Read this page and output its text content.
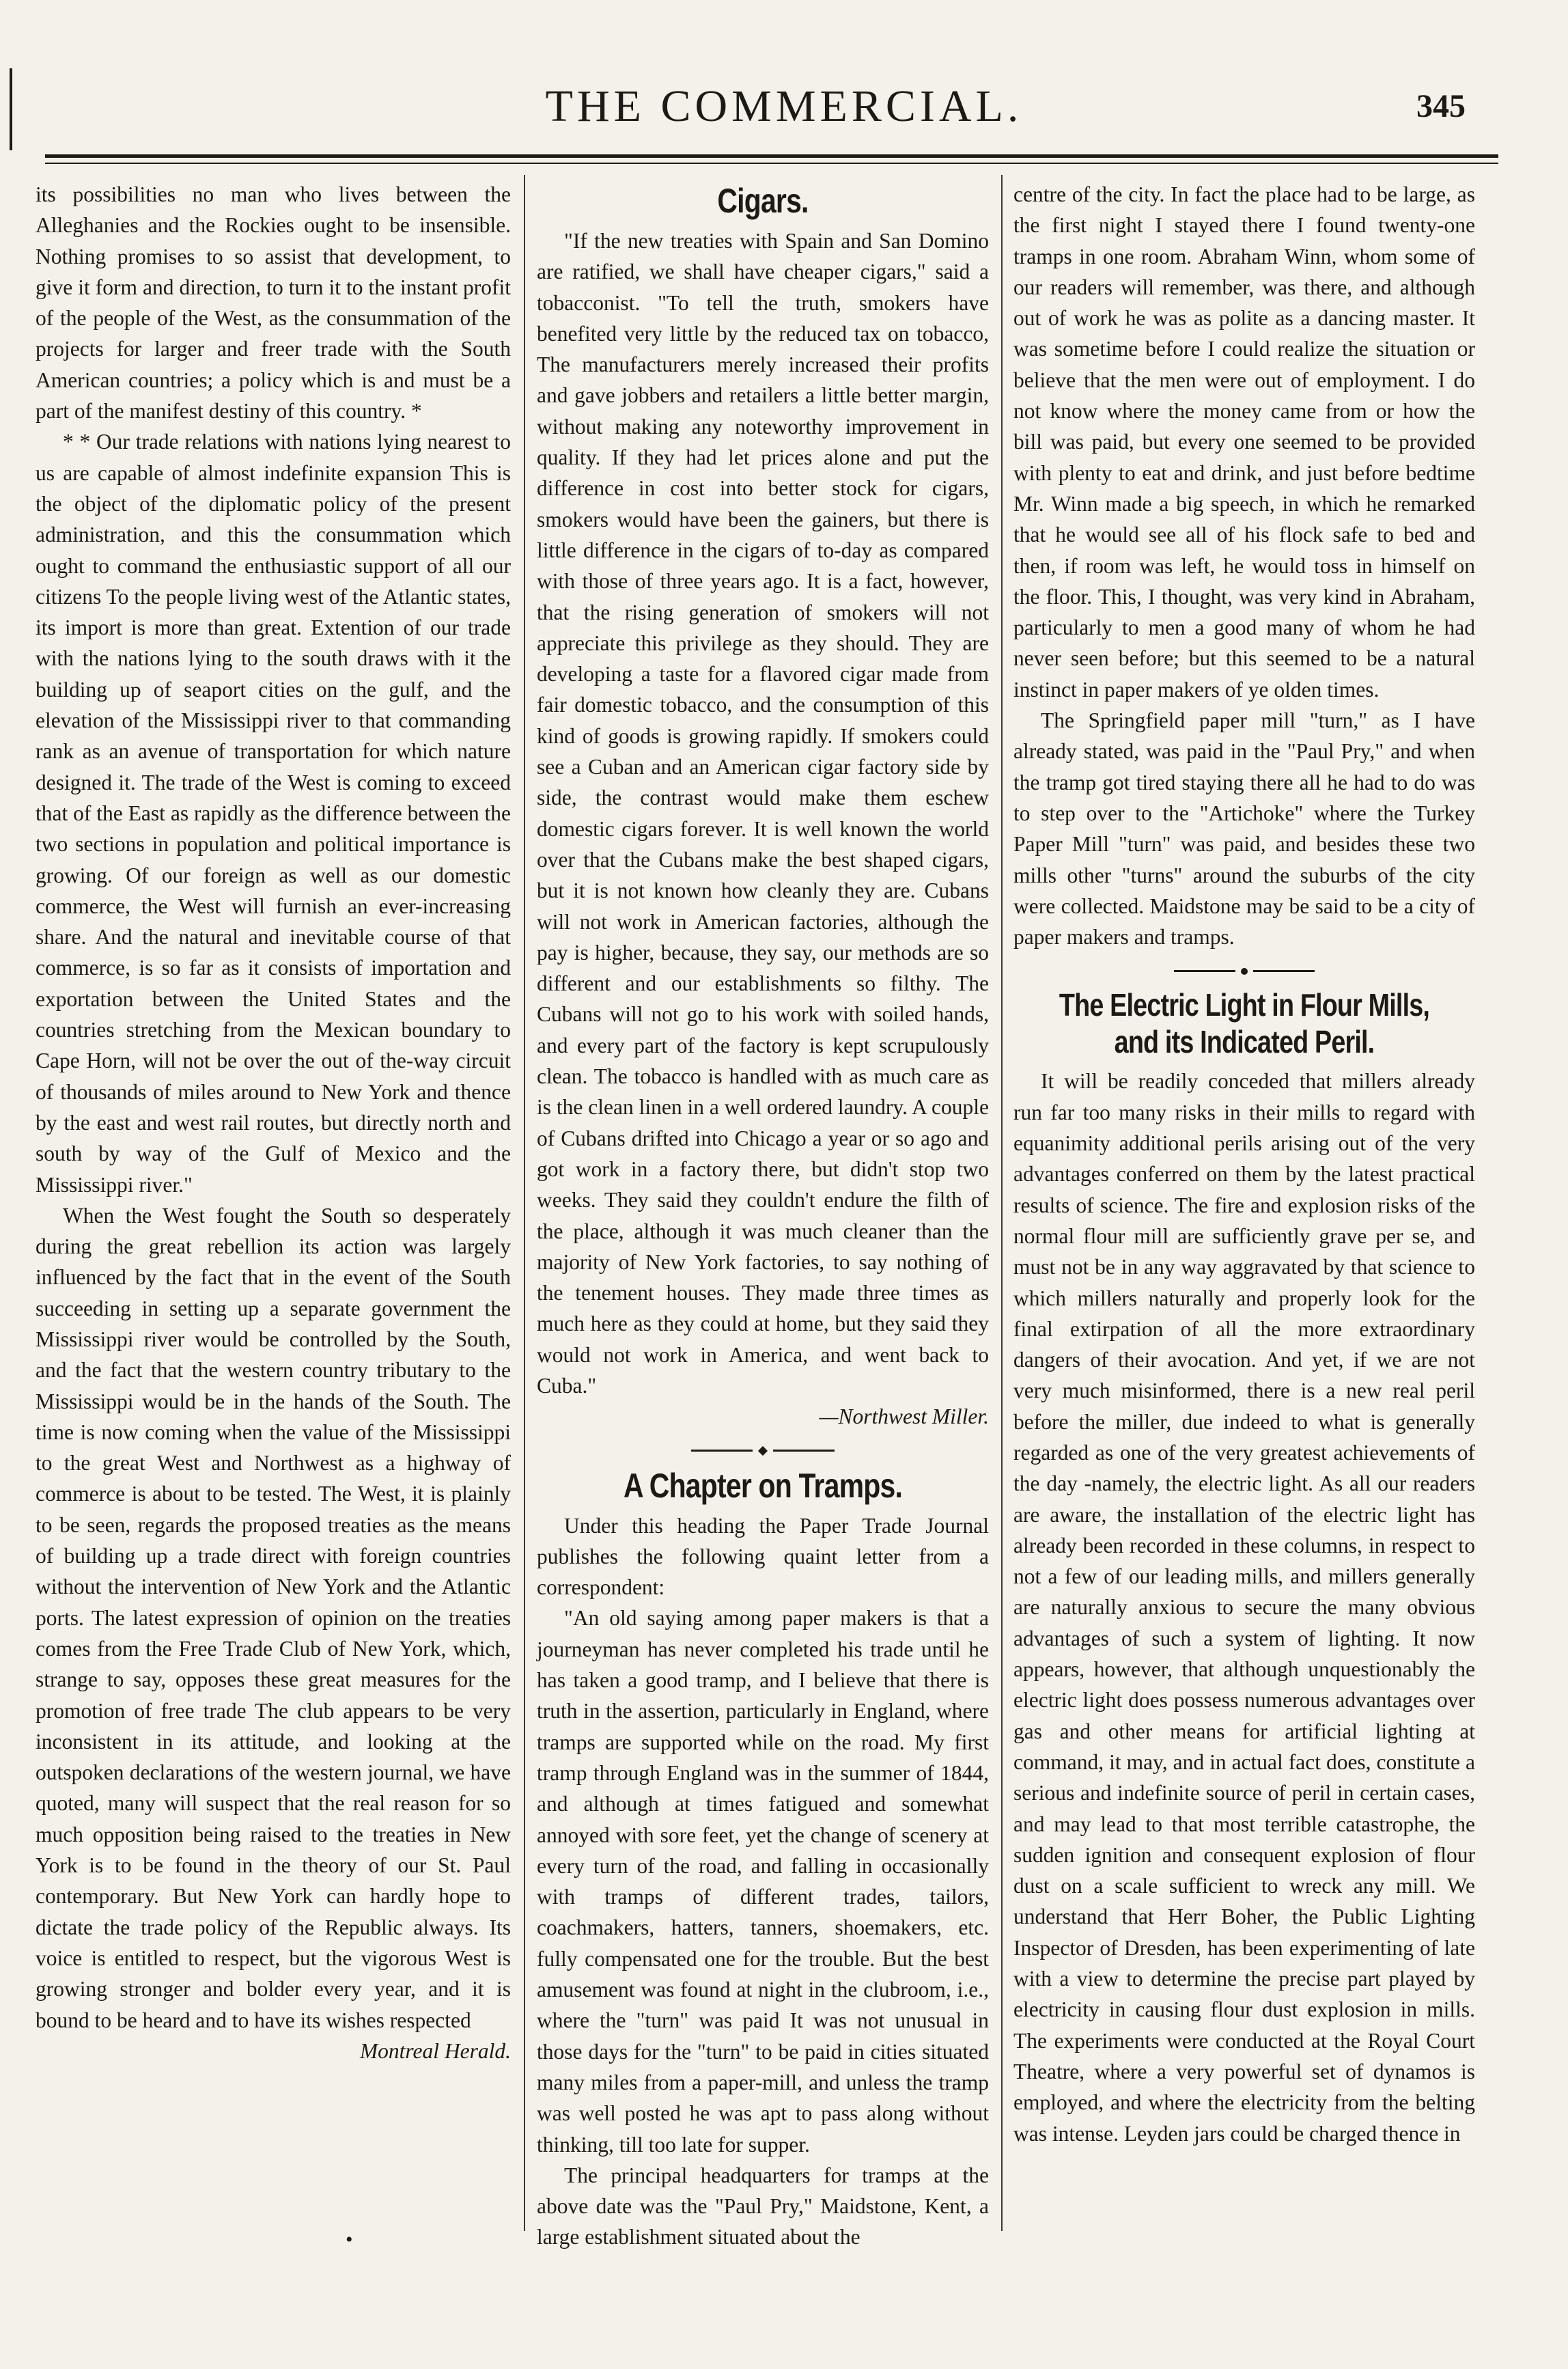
THE COMMERCIAL.	345

its possibilities no man who lives between the Alleghanies and the Rockies ought to be insensible. Nothing promises to so assist that development, to give it form and direction, to turn it to the instant profit of the people of the West, as the consummation of the projects for larger and freer trade with the South American countries; a policy which is and must be a part of the manifest destiny of this country. *

* * Our trade relations with nations lying nearest to us are capable of almost indefinite expansion This is the object of the diplomatic policy of the present administration, and this the consummation which ought to command the enthusiastic support of all our citizens To the people living west of the Atlantic states, its import is more than great. Extention of our trade with the nations lying to the south draws with it the building up of seaport cities on the gulf, and the elevation of the Mississippi river to that commanding rank as an avenue of transportation for which nature designed it. The trade of the West is coming to exceed that of the East as rapidly as the difference between the two sections in population and political importance is growing. Of our foreign as well as our domestic commerce, the West will furnish an ever-increasing share. And the natural and inevitable course of that commerce, is so far as it consists of importation and exportation between the United States and the countries stretching from the Mexican boundary to Cape Horn, will not be over the out of the-way circuit of thousands of miles around to New York and thence by the east and west rail routes, but directly north and south by way of the Gulf of Mexico and the Mississippi river."

When the West fought the South so desperately during the great rebellion its action was largely influenced by the fact that in the event of the South succeeding in setting up a separate government the Mississippi river would be controlled by the South, and the fact that the western country tributary to the Mississippi would be in the hands of the South. The time is now coming when the value of the Mississippi to the great West and Northwest as a highway of commerce is about to be tested. The West, it is plainly to be seen, regards the proposed treaties as the means of building up a trade direct with foreign countries without the intervention of New York and the Atlantic ports. The latest expression of opinion on the treaties comes from the Free Trade Club of New York, which, strange to say, opposes these great measures for the promotion of free trade The club appears to be very inconsistent in its attitude, and looking at the outspoken declarations of the western journal, we have quoted, many will suspect that the real reason for so much opposition being raised to the treaties in New York is to be found in the theory of our St. Paul contemporary. But New York can hardly hope to dictate the trade policy of the Republic always. Its voice is entitled to respect, but the vigorous West is growing stronger and bolder every year, and it is bound to be heard and to have its wishes respected

Montreal Herald.

Cigars.

"If the new treaties with Spain and San Domino are ratified, we shall have cheaper cigars," said a tobacconist. "To tell the truth, smokers have benefited very little by the reduced tax on tobacco, The manufacturers merely increased their profits and gave jobbers and retailers a little better margin, without making any noteworthy improvement in quality. If they had let prices alone and put the difference in cost into better stock for cigars, smokers would have been the gainers, but there is little difference in the cigars of to-day as compared with those of three years ago. It is a fact, however, that the rising generation of smokers will not appreciate this privilege as they should. They are developing a taste for a flavored cigar made from fair domestic tobacco, and the consumption of this kind of goods is growing rapidly. If smokers could see a Cuban and an American cigar factory side by side, the contrast would make them eschew domestic cigars forever. It is well known the world over that the Cubans make the best shaped cigars, but it is not known how cleanly they are. Cubans will not work in American factories, although the pay is higher, because, they say, our methods are so different and our establishments so filthy. The Cubans will not go to his work with soiled hands, and every part of the factory is kept scrupulously clean. The tobacco is handled with as much care as is the clean linen in a well ordered laundry. A couple of Cubans drifted into Chicago a year or so ago and got work in a factory there, but didn't stop two weeks. They said they couldn't endure the filth of the place, although it was much cleaner than the majority of New York factories, to say nothing of the tenement houses. They made three times as much here as they could at home, but they said they would not work in America, and went back to Cuba."

—Northwest Miller.

A Chapter on Tramps.

Under this heading the Paper Trade Journal publishes the following quaint letter from a correspondent:

"An old saying among paper makers is that a journeyman has never completed his trade until he has taken a good tramp, and I believe that there is truth in the assertion, particularly in England, where tramps are supported while on the road. My first tramp through England was in the summer of 1844, and although at times fatigued and somewhat annoyed with sore feet, yet the change of scenery at every turn of the road, and falling in occasionally with tramps of different trades, tailors, coachmakers, hatters, tanners, shoemakers, etc. fully compensated one for the trouble. But the best amusement was found at night in the clubroom, i.e., where the "turn" was paid It was not unusual in those days for the "turn" to be paid in cities situated many miles from a paper-mill, and unless the tramp was well posted he was apt to pass along without thinking, till too late for supper.

The principal headquarters for tramps at the above date was the "Paul Pry," Maidstone, Kent, a large establishment situated about the

centre of the city. In fact the place had to be large, as the first night I stayed there I found twenty-one tramps in one room. Abraham Winn, whom some of our readers will remember, was there, and although out of work he was as polite as a dancing master. It was sometime before I could realize the situation or believe that the men were out of employment. I do not know where the money came from or how the bill was paid, but every one seemed to be provided with plenty to eat and drink, and just before bedtime Mr. Winn made a big speech, in which he remarked that he would see all of his flock safe to bed and then, if room was left, he would toss in himself on the floor. This, I thought, was very kind in Abraham, particularly to men a good many of whom he had never seen before; but this seemed to be a natural instinct in paper makers of ye olden times.

The Springfield paper mill "turn," as I have already stated, was paid in the "Paul Pry," and when the tramp got tired staying there all he had to do was to step over to the "Artichoke" where the Turkey Paper Mill "turn" was paid, and besides these two mills other "turns" around the suburbs of the city were collected. Maidstone may be said to be a city of paper makers and tramps.

The Electric Light in Flour Mills, and its Indicated Peril.

It will be readily conceded that millers already run far too many risks in their mills to regard with equanimity additional perils arising out of the very advantages conferred on them by the latest practical results of science. The fire and explosion risks of the normal flour mill are sufficiently grave per se, and must not be in any way aggravated by that science to which millers naturally and properly look for the final extirpation of all the more extraordinary dangers of their avocation. And yet, if we are not very much misinformed, there is a new real peril before the miller, due indeed to what is generally regarded as one of the very greatest achievements of the day -namely, the electric light. As all our readers are aware, the installation of the electric light has already been recorded in these columns, in respect to not a few of our leading mills, and millers generally are naturally anxious to secure the many obvious advantages of such a system of lighting. It now appears, however, that although unquestionably the electric light does possess numerous advantages over gas and other means for artificial lighting at command, it may, and in actual fact does, constitute a serious and indefinite source of peril in certain cases, and may lead to that most terrible catastrophe, the sudden ignition and consequent explosion of flour dust on a scale sufficient to wreck any mill. We understand that Herr Boher, the Public Lighting Inspector of Dresden, has been experimenting of late with a view to determine the precise part played by electricity in causing flour dust explosion in mills. The experiments were conducted at the Royal Court Theatre, where a very powerful set of dynamos is employed, and where the electricity from the belting was intense. Leyden jars could be charged thence in

•
